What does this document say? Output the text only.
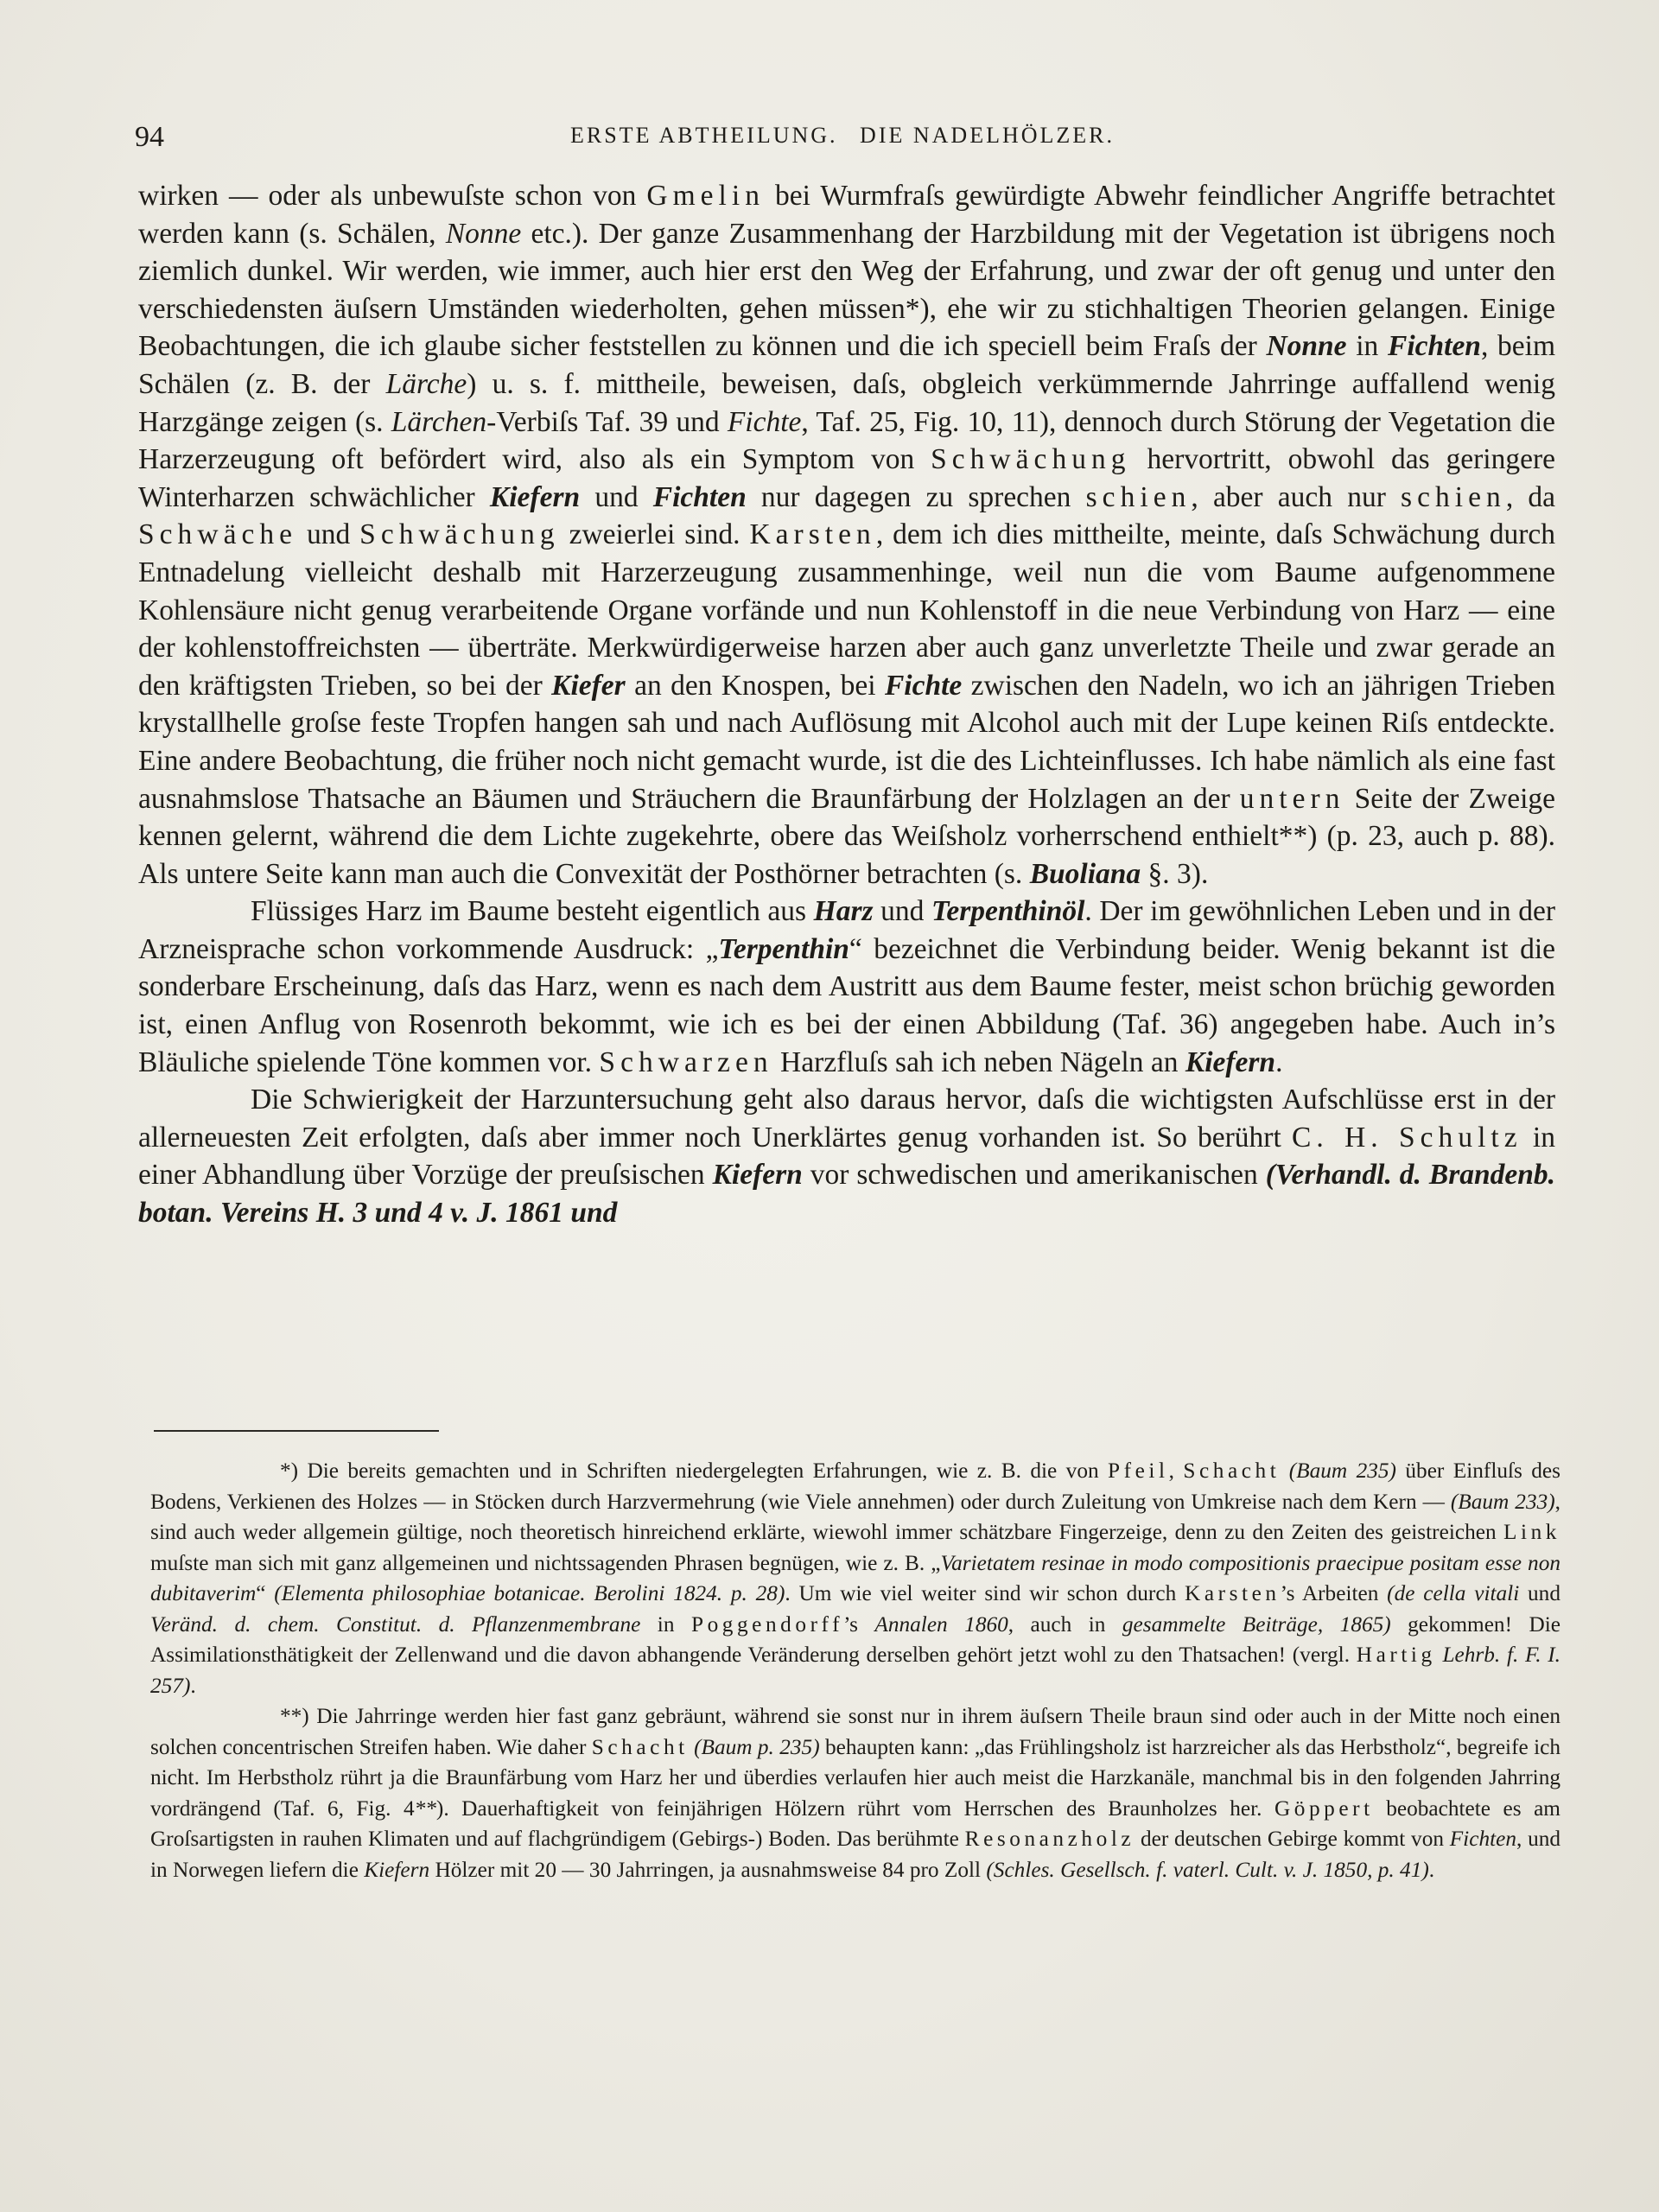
94	ERSTE ABTHEILUNG. DIE NADELHÖLZER.

wirken — oder als unbewuſste schon von Gmelin bei Wurmfraſs gewürdigte Abwehr feindlicher Angriffe betrachtet werden kann (s. Schälen, Nonne etc.). Der ganze Zusammenhang der Harzbildung mit der Vegetation ist übrigens noch ziemlich dunkel. Wir werden, wie immer, auch hier erst den Weg der Erfahrung, und zwar der oft genug und unter den verschiedensten äuſsern Umständen wiederholten, gehen müssen*), ehe wir zu stichhaltigen Theorien gelangen. Einige Beobachtungen, die ich glaube sicher feststellen zu können und die ich speciell beim Fraſs der Nonne in Fichten, beim Schälen (z. B. der Lärche) u. s. f. mittheile, beweisen, daſs, obgleich verkümmernde Jahrringe auffallend wenig Harzgänge zeigen (s. Lärchen-Verbiſs Taf. 39 und Fichte, Taf. 25, Fig. 10, 11), dennoch durch Störung der Vegetation die Harzerzeugung oft befördert wird, also als ein Symptom von Schwächung hervortritt, obwohl das geringere Winterharzen schwächlicher Kiefern und Fichten nur dagegen zu sprechen schien, aber auch nur schien, da Schwäche und Schwächung zweierlei sind. Karsten, dem ich dies mittheilte, meinte, daſs Schwächung durch Entnadelung vielleicht deshalb mit Harzerzeugung zusammenhinge, weil nun die vom Baume aufgenommene Kohlensäure nicht genug verarbeitende Organe vorfände und nun Kohlenstoff in die neue Verbindung von Harz — eine der kohlenstoffreichsten — überträte. Merkwürdigerweise harzen aber auch ganz unverletzte Theile und zwar gerade an den kräftigsten Trieben, so bei der Kiefer an den Knospen, bei Fichte zwischen den Nadeln, wo ich an jährigen Trieben krystallhelle groſse feste Tropfen hangen sah und nach Auflösung mit Alcohol auch mit der Lupe keinen Riſs entdeckte. Eine andere Beobachtung, die früher noch nicht gemacht wurde, ist die des Lichteinflusses. Ich habe nämlich als eine fast ausnahmslose Thatsache an Bäumen und Sträuchern die Braunfärbung der Holzlagen an der untern Seite der Zweige kennen gelernt, während die dem Lichte zugekehrte, obere das Weiſsholz vorherrschend enthielt**) (p. 23, auch p. 88). Als untere Seite kann man auch die Convexität der Posthörner betrachten (s. Buoliana §. 3).

Flüssiges Harz im Baume besteht eigentlich aus Harz und Terpenthinöl. Der im gewöhnlichen Leben und in der Arzneisprache schon vorkommende Ausdruck: „Terpenthin“ bezeichnet die Verbindung beider. Wenig bekannt ist die sonderbare Erscheinung, daſs das Harz, wenn es nach dem Austritt aus dem Baume fester, meist schon brüchig geworden ist, einen Anflug von Rosenroth bekommt, wie ich es bei der einen Abbildung (Taf. 36) angegeben habe. Auch in’s Bläuliche spielende Töne kommen vor. Schwarzen Harzfluſs sah ich neben Nägeln an Kiefern.

Die Schwierigkeit der Harzuntersuchung geht also daraus hervor, daſs die wichtigsten Aufschlüsse erst in der allerneuesten Zeit erfolgten, daſs aber immer noch Unerklärtes genug vorhanden ist. So berührt C. H. Schultz in einer Abhandlung über Vorzüge der preuſsischen Kiefern vor schwedischen und amerikanischen (Verhandl. d. Brandenb. botan. Vereins H. 3 und 4 v. J. 1861 und

*) Die bereits gemachten und in Schriften niedergelegten Erfahrungen, wie z. B. die von Pfeil, Schacht (Baum 235) über Einfluſs des Bodens, Verkienen des Holzes — in Stöcken durch Harzvermehrung (wie Viele annehmen) oder durch Zuleitung von Umkreise nach dem Kern — (Baum 233), sind auch weder allgemein gültige, noch theoretisch hinreichend erklärte, wiewohl immer schätzbare Fingerzeige, denn zu den Zeiten des geistreichen Link muſste man sich mit ganz allgemeinen und nichtssagenden Phrasen begnügen, wie z. B. „Varietatem resinae in modo compositionis praecipue positam esse non dubitaverim“ (Elementa philosophiae botanicae. Berolini 1824. p. 28). Um wie viel weiter sind wir schon durch Karsten’s Arbeiten (de cella vitali und Veränd. d. chem. Constitut. d. Pflanzenmembrane in Poggendorff’s Annalen 1860, auch in gesammelte Beiträge, 1865) gekommen! Die Assimilationsthätigkeit der Zellenwand und die davon abhangende Veränderung derselben gehört jetzt wohl zu den Thatsachen! (vergl. Hartig Lehrb. f. F. I. 257).

**) Die Jahrringe werden hier fast ganz gebräunt, während sie sonst nur in ihrem äuſsern Theile braun sind oder auch in der Mitte noch einen solchen concentrischen Streifen haben. Wie daher Schacht (Baum p. 235) behaupten kann: „das Frühlingsholz ist harzreicher als das Herbstholz“, begreife ich nicht. Im Herbstholz rührt ja die Braunfärbung vom Harz her und überdies verlaufen hier auch meist die Harzkanäle, manchmal bis in den folgenden Jahrring vordrängend (Taf. 6, Fig. 4**). Dauerhaftigkeit von feinjährigen Hölzern rührt vom Herrschen des Braunholzes her. Göppert beobachtete es am Groſsartigsten in rauhen Klimaten und auf flachgründigem (Gebirgs-) Boden. Das berühmte Resonanzholz der deutschen Gebirge kommt von Fichten, und in Norwegen liefern die Kiefern Hölzer mit 20 — 30 Jahrringen, ja ausnahmsweise 84 pro Zoll (Schles. Gesellsch. f. vaterl. Cult. v. J. 1850, p. 41).
